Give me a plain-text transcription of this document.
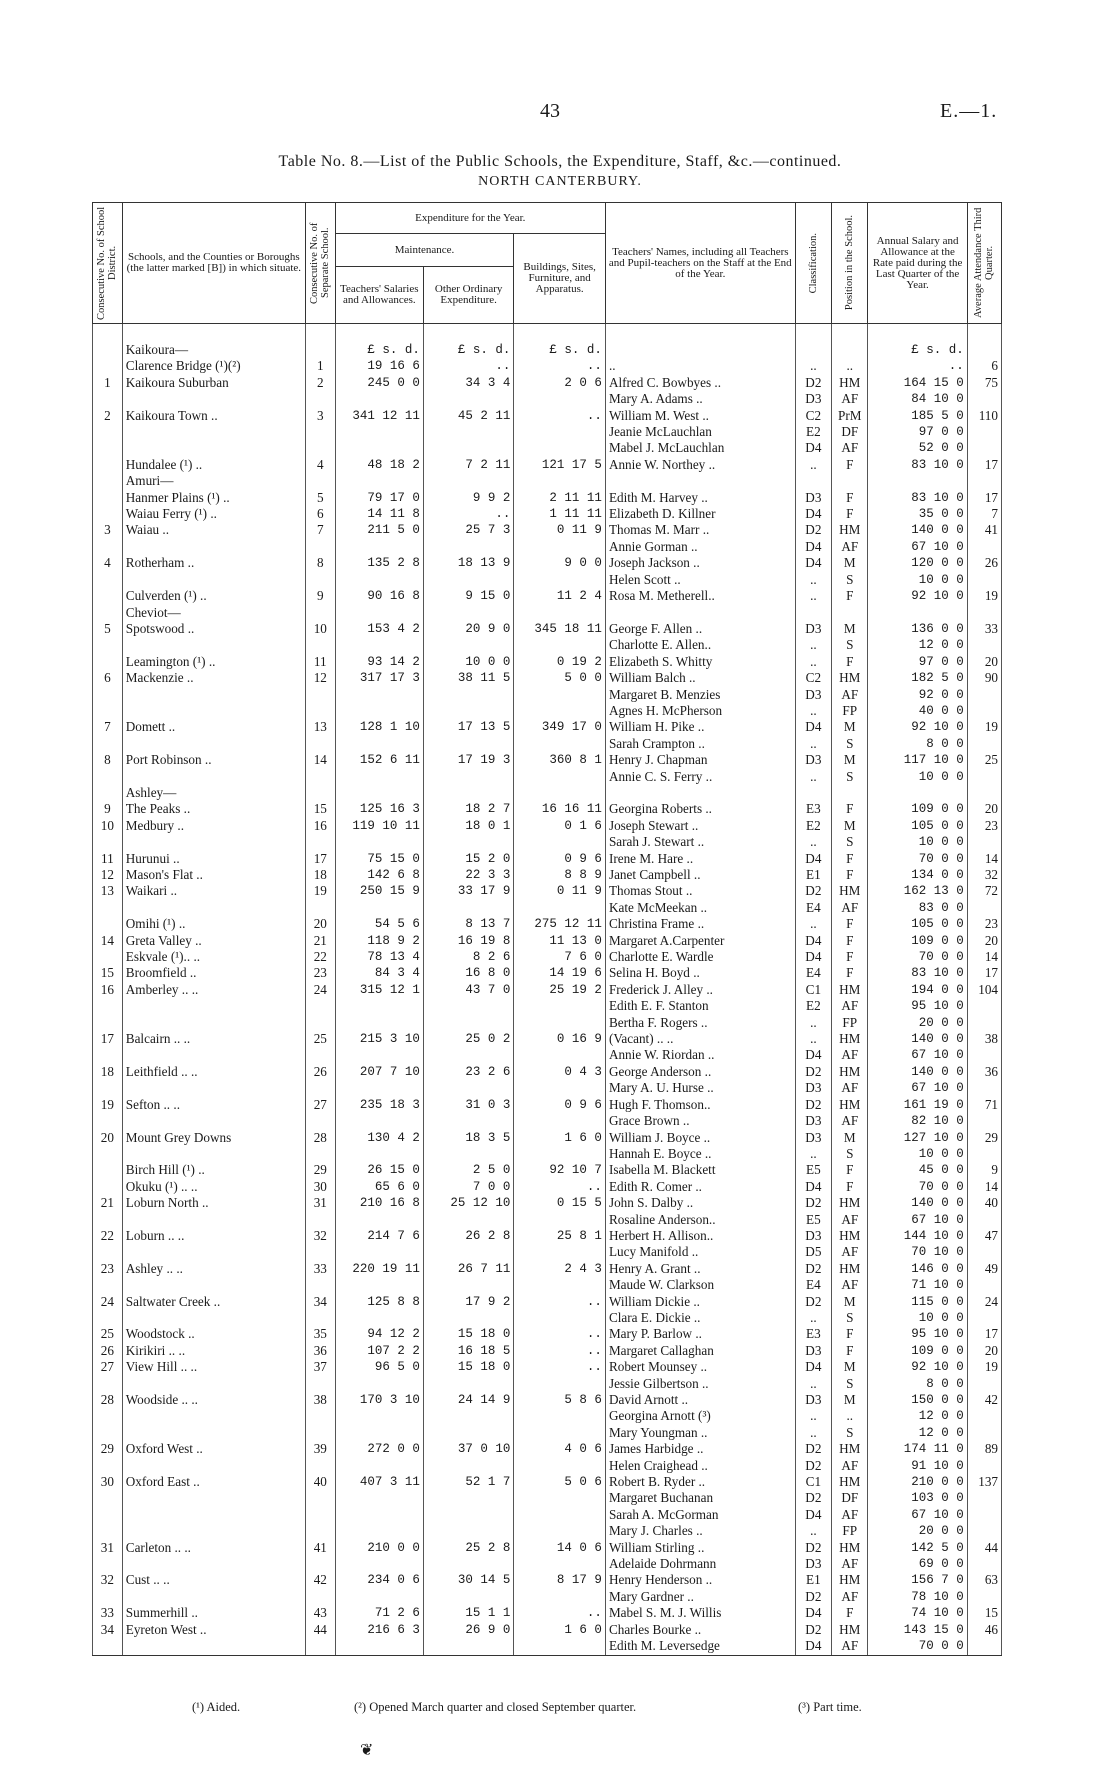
43	E.—1.
Table No. 8.—List of the Public Schools, the Expenditure, Staff, &c.—continued.
NORTH CANTERBURY.
Consecutive No. of School District.	Schools, and the Counties or Boroughs (the latter marked [B]) in which situate.	Consecutive No. of Separate School.	Expenditure for the Year.			Teachers' Names, including all Teachers and Pupil-teachers on the Staff at the End of the Year.	Classification.	Position in the School.	Annual Salary and Allowance at the Rate paid during the Last Quarter of the Year.	Average Attendance Third Quarter.

			Maintenance.		Buildings, Sites, Furniture, and Apparatus.					
			Teachers' Salaries and Allowances.	Other Ordinary Expenditure.						
	Kaikoura—		£ s. d.	£ s. d.	£ s. d.				£ s. d.	
	Clarence Bridge (¹)(²)	1	19 16 6	..	..	..	..	..	..	6
1	Kaikoura Suburban	2	245 0 0	34 3 4	2 0 6	Alfred C. Bowbyes ..	D2	HM	164 15 0	75
						Mary A. Adams ..	D3	AF	84 10 0	
2	Kaikoura Town ..	3	341 12 11	45 2 11	..	William M. West ..	C2	PrM	185 5 0	110
						Jeanie McLauchlan	E2	DF	97 0 0	
						Mabel J. McLauchlan	D4	AF	52 0 0	
	Hundalee (¹) ..	4	48 18 2	7 2 11	121 17 5	Annie W. Northey ..	..	F	83 10 0	17
	Amuri—									
	Hanmer Plains (¹) ..	5	79 17 0	9 9 2	2 11 11	Edith M. Harvey ..	D3	F	83 10 0	17
	Waiau Ferry (¹) ..	6	14 11 8	..	1 11 11	Elizabeth D. Killner	D4	F	35 0 0	7
3	Waiau ..	7	211 5 0	25 7 3	0 11 9	Thomas M. Marr ..	D2	HM	140 0 0	41
						Annie Gorman ..	D4	AF	67 10 0	
4	Rotherham ..	8	135 2 8	18 13 9	9 0 0	Joseph Jackson ..	D4	M	120 0 0	26
						Helen Scott ..	..	S	10 0 0	
	Culverden (¹) ..	9	90 16 8	9 15 0	11 2 4	Rosa M. Metherell..	..	F	92 10 0	19
	Cheviot—									
5	Spotswood ..	10	153 4 2	20 9 0	345 18 11	George F. Allen ..	D3	M	136 0 0	33
						Charlotte E. Allen..	..	S	12 0 0	
	Leamington (¹) ..	11	93 14 2	10 0 0	0 19 2	Elizabeth S. Whitty	..	F	97 0 0	20
6	Mackenzie ..	12	317 17 3	38 11 5	5 0 0	William Balch ..	C2	HM	182 5 0	90
						Margaret B. Menzies	D3	AF	92 0 0	
						Agnes H. McPherson	..	FP	40 0 0	
7	Domett ..	13	128 1 10	17 13 5	349 17 0	William H. Pike ..	D4	M	92 10 0	19
						Sarah Crampton ..	..	S	8 0 0	
8	Port Robinson ..	14	152 6 11	17 19 3	360 8 1	Henry J. Chapman	D3	M	117 10 0	25
						Annie C. S. Ferry ..	..	S	10 0 0	
	Ashley—									
9	The Peaks ..	15	125 16 3	18 2 7	16 16 11	Georgina Roberts ..	E3	F	109 0 0	20
10	Medbury ..	16	119 10 11	18 0 1	0 1 6	Joseph Stewart ..	E2	M	105 0 0	23
						Sarah J. Stewart ..	..	S	10 0 0	
11	Hurunui ..	17	75 15 0	15 2 0	0 9 6	Irene M. Hare ..	D4	F	70 0 0	14
12	Mason's Flat ..	18	142 6 8	22 3 3	8 8 9	Janet Campbell ..	E1	F	134 0 0	32
13	Waikari ..	19	250 15 9	33 17 9	0 11 9	Thomas Stout ..	D2	HM	162 13 0	72
						Kate McMeekan ..	E4	AF	83 0 0	
	Omihi (¹) ..	20	54 5 6	8 13 7	275 12 11	Christina Frame ..	..	F	105 0 0	23
14	Greta Valley ..	21	118 9 2	16 19 8	11 13 0	Margaret A.Carpenter	D4	F	109 0 0	20
	Eskvale (¹).. ..	22	78 13 4	8 2 6	7 6 0	Charlotte E. Wardle	D4	F	70 0 0	14
15	Broomfield ..	23	84 3 4	16 8 0	14 19 6	Selina H. Boyd ..	E4	F	83 10 0	17
16	Amberley .. ..	24	315 12 1	43 7 0	25 19 2	Frederick J. Alley ..	C1	HM	194 0 0	104
						Edith E. F. Stanton	E2	AF	95 10 0	
						Bertha F. Rogers ..	..	FP	20 0 0	
17	Balcairn .. ..	25	215 3 10	25 0 2	0 16 9	(Vacant) .. ..	..	HM	140 0 0	38
						Annie W. Riordan ..	D4	AF	67 10 0	
18	Leithfield .. ..	26	207 7 10	23 2 6	0 4 3	George Anderson ..	D2	HM	140 0 0	36
						Mary A. U. Hurse ..	D3	AF	67 10 0	
19	Sefton .. ..	27	235 18 3	31 0 3	0 9 6	Hugh F. Thomson..	D2	HM	161 19 0	71
						Grace Brown ..	D3	AF	82 10 0	
20	Mount Grey Downs	28	130 4 2	18 3 5	1 6 0	William J. Boyce ..	D3	M	127 10 0	29
						Hannah E. Boyce ..	..	S	10 0 0	
	Birch Hill (¹) ..	29	26 15 0	2 5 0	92 10 7	Isabella M. Blackett	E5	F	45 0 0	9
	Okuku (¹) .. ..	30	65 6 0	7 0 0	..	Edith R. Comer ..	D4	F	70 0 0	14
21	Loburn North ..	31	210 16 8	25 12 10	0 15 5	John S. Dalby ..	D2	HM	140 0 0	40
						Rosaline Anderson..	E5	AF	67 10 0	
22	Loburn .. ..	32	214 7 6	26 2 8	25 8 1	Herbert H. Allison..	D3	HM	144 10 0	47
						Lucy Manifold ..	D5	AF	70 10 0	
23	Ashley .. ..	33	220 19 11	26 7 11	2 4 3	Henry A. Grant ..	D2	HM	146 0 0	49
						Maude W. Clarkson	E4	AF	71 10 0	
24	Saltwater Creek ..	34	125 8 8	17 9 2	..	William Dickie ..	D2	M	115 0 0	24
						Clara E. Dickie ..	..	S	10 0 0	
25	Woodstock ..	35	94 12 2	15 18 0	..	Mary P. Barlow ..	E3	F	95 10 0	17
26	Kirikiri .. ..	36	107 2 2	16 18 5	..	Margaret Callaghan	D3	F	109 0 0	20
27	View Hill .. ..	37	96 5 0	15 18 0	..	Robert Mounsey ..	D4	M	92 10 0	19
						Jessie Gilbertson ..	..	S	8 0 0	
28	Woodside .. ..	38	170 3 10	24 14 9	5 8 6	David Arnott ..	D3	M	150 0 0	42
						Georgina Arnott (³)	..	..	12 0 0	
						Mary Youngman ..	..	S	12 0 0	
29	Oxford West ..	39	272 0 0	37 0 10	4 0 6	James Harbidge ..	D2	HM	174 11 0	89
						Helen Craighead ..	D2	AF	91 10 0	
30	Oxford East ..	40	407 3 11	52 1 7	5 0 6	Robert B. Ryder ..	C1	HM	210 0 0	137
						Margaret Buchanan	D2	DF	103 0 0	
						Sarah A. McGorman	D4	AF	67 10 0	
						Mary J. Charles ..	..	FP	20 0 0	
31	Carleton .. ..	41	210 0 0	25 2 8	14 0 6	William Stirling ..	D2	HM	142 5 0	44
						Adelaide Dohrmann	D3	AF	69 0 0	
32	Cust .. ..	42	234 0 6	30 14 5	8 17 9	Henry Henderson ..	E1	HM	156 7 0	63
						Mary Gardner ..	D2	AF	78 10 0	
33	Summerhill ..	43	71 2 6	15 1 1	..	Mabel S. M. J. Willis	D4	F	74 10 0	15
34	Eyreton West ..	44	216 6 3	26 9 0	1 6 0	Charles Bourke ..	D2	HM	143 15 0	46
						Edith M. Leversedge	D4	AF	70 0 0	
(¹) Aided.	(²) Opened March quarter and closed September quarter.	(³) Part time.
❦
